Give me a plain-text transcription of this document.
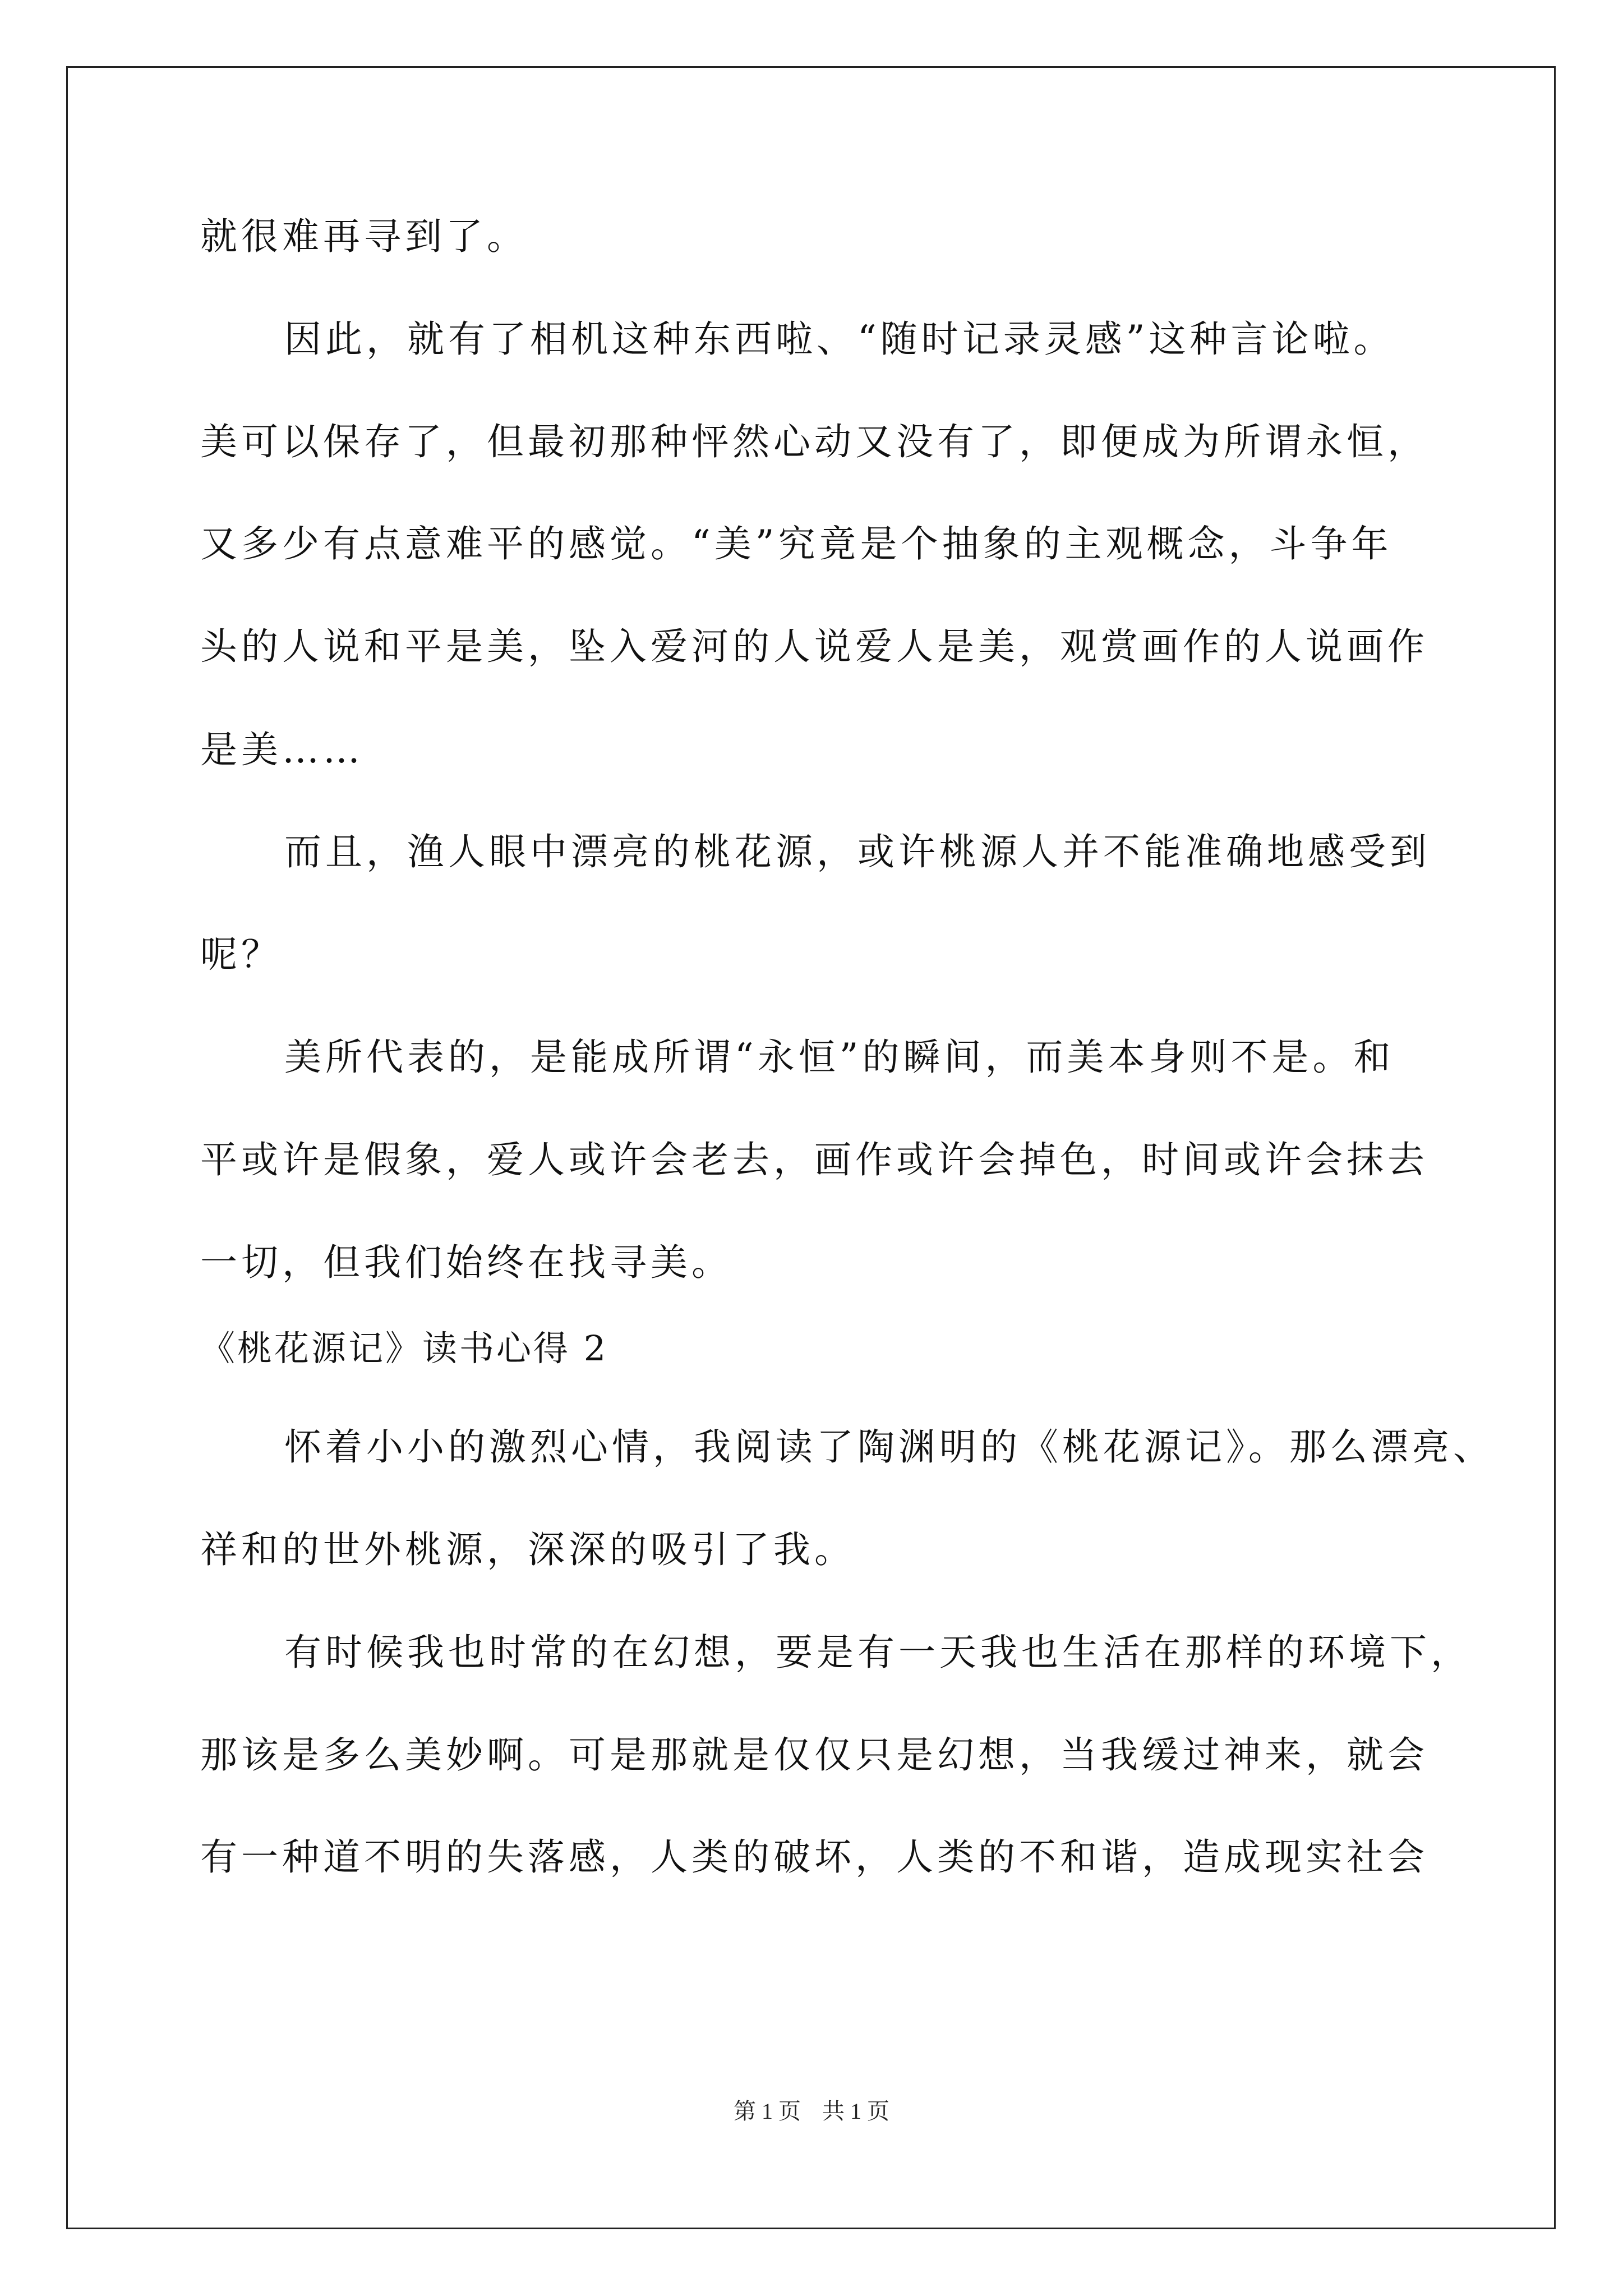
就很难再寻到了。
因此，就有了相机这种东西啦、“随时记录灵感”这种言论啦。
美可以保存了，但最初那种怦然心动又没有了，即便成为所谓永恒，
又多少有点意难平的感觉。“美”究竟是个抽象的主观概念，斗争年
头的人说和平是美，坠入爱河的人说爱人是美，观赏画作的人说画作
是美……
而且，渔人眼中漂亮的桃花源，或许桃源人并不能准确地感受到
呢？
美所代表的，是能成所谓“永恒”的瞬间，而美本身则不是。和
平或许是假象，爱人或许会老去，画作或许会掉色，时间或许会抹去
一切，但我们始终在找寻美。
《桃花源记》读书心得 2
怀着小小的激烈心情，我阅读了陶渊明的《桃花源记》。那么漂亮、
祥和的世外桃源，深深的吸引了我。
有时候我也时常的在幻想，要是有一天我也生活在那样的环境下，
那该是多么美妙啊。可是那就是仅仅只是幻想，当我缓过神来，就会
有一种道不明的失落感，人类的破坏，人类的不和谐，造成现实社会
第 1 页 共 1 页
